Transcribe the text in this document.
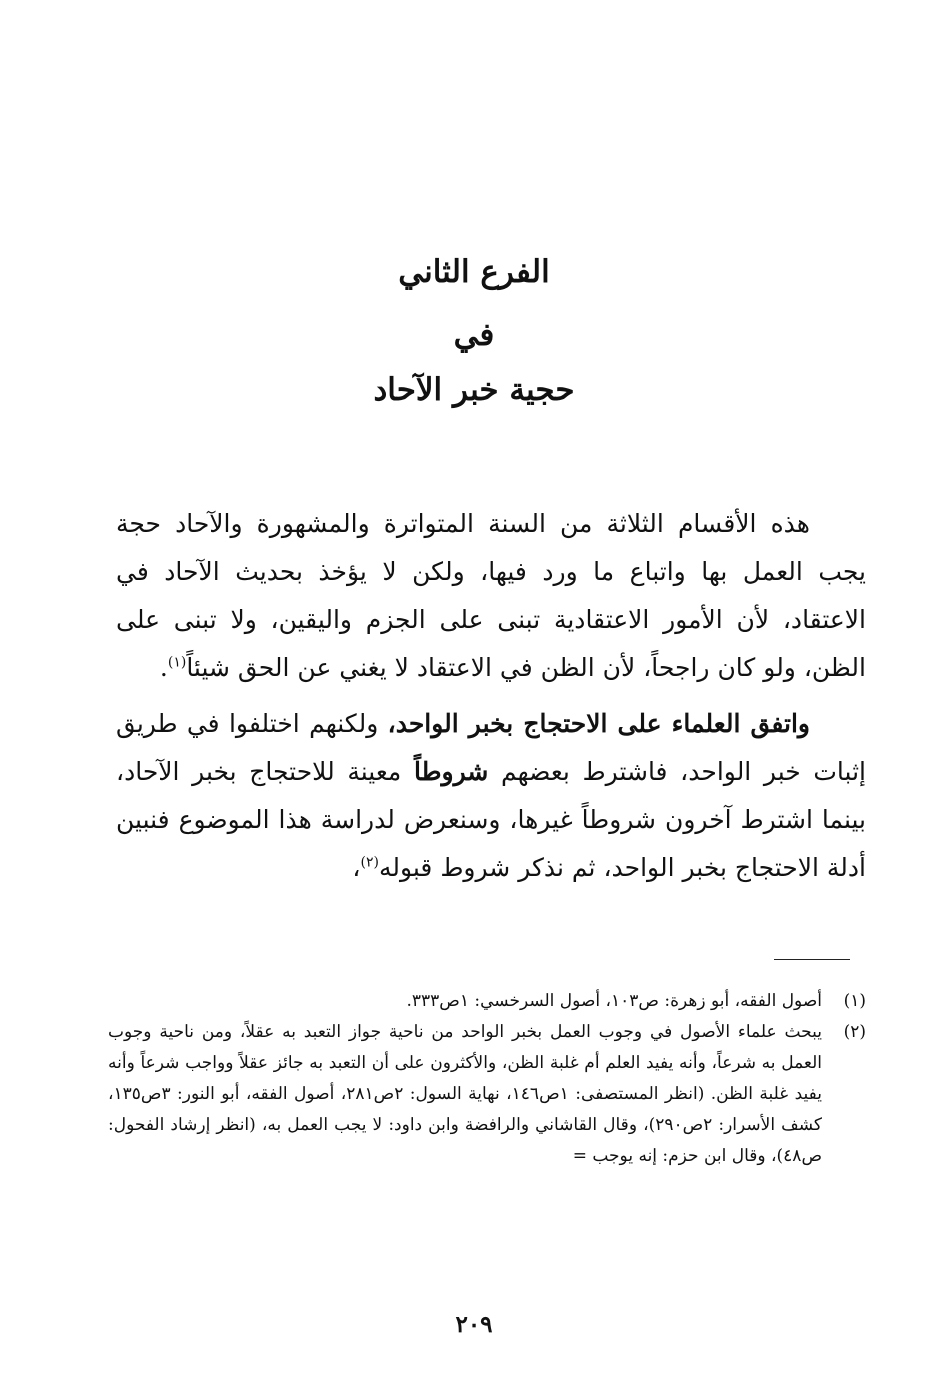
الفرع الثاني
في
حجية خبر الآحاد

هذه الأقسام الثلاثة من السنة المتواترة والمشهورة والآحاد حجة يجب العمل بها واتباع ما ورد فيها، ولكن لا يؤخذ بحديث الآحاد في الاعتقاد، لأن الأمور الاعتقادية تبنى على الجزم واليقين، ولا تبنى على الظن، ولو كان راجحاً، لأن الظن في الاعتقاد لا يغني عن الحق شيئاً$^{(١)}$.

واتفق العلماء على الاحتجاج بخبر الواحد، ولكنهم اختلفوا في طريق إثبات خبر الواحد، فاشترط بعضهم شروطاً معينة للاحتجاج بخبر الآحاد، بينما اشترط آخرون شروطاً غيرها، وسنعرض لدراسة هذا الموضوع فنبين أدلة الاحتجاج بخبر الواحد، ثم نذكر شروط قبوله$^{(٢)}$،

(١)
أصول الفقه، أبو زهرة: ص١٠٣، أصول السرخسي: ١ص٣٣٣.
(٢)
يبحث علماء الأصول في وجوب العمل بخبر الواحد من ناحية جواز التعبد به عقلاً، ومن ناحية وجوب العمل به شرعاً، وأنه يفيد العلم أم غلبة الظن، والأكثرون على أن التعبد به جائز عقلاً وواجب شرعاً وأنه يفيد غلبة الظن. (انظر المستصفى: ١ص١٤٦، نهاية السول: ٢ص٢٨١، أصول الفقه، أبو النور: ٣ص١٣٥، كشف الأسرار: ٢ص٢٩٠)، وقال القاشاني والرافضة وابن داود: لا يجب العمل به، (انظر إرشاد الفحول: ص٤٨)، وقال ابن حزم: إنه يوجب =
٢٠٩
